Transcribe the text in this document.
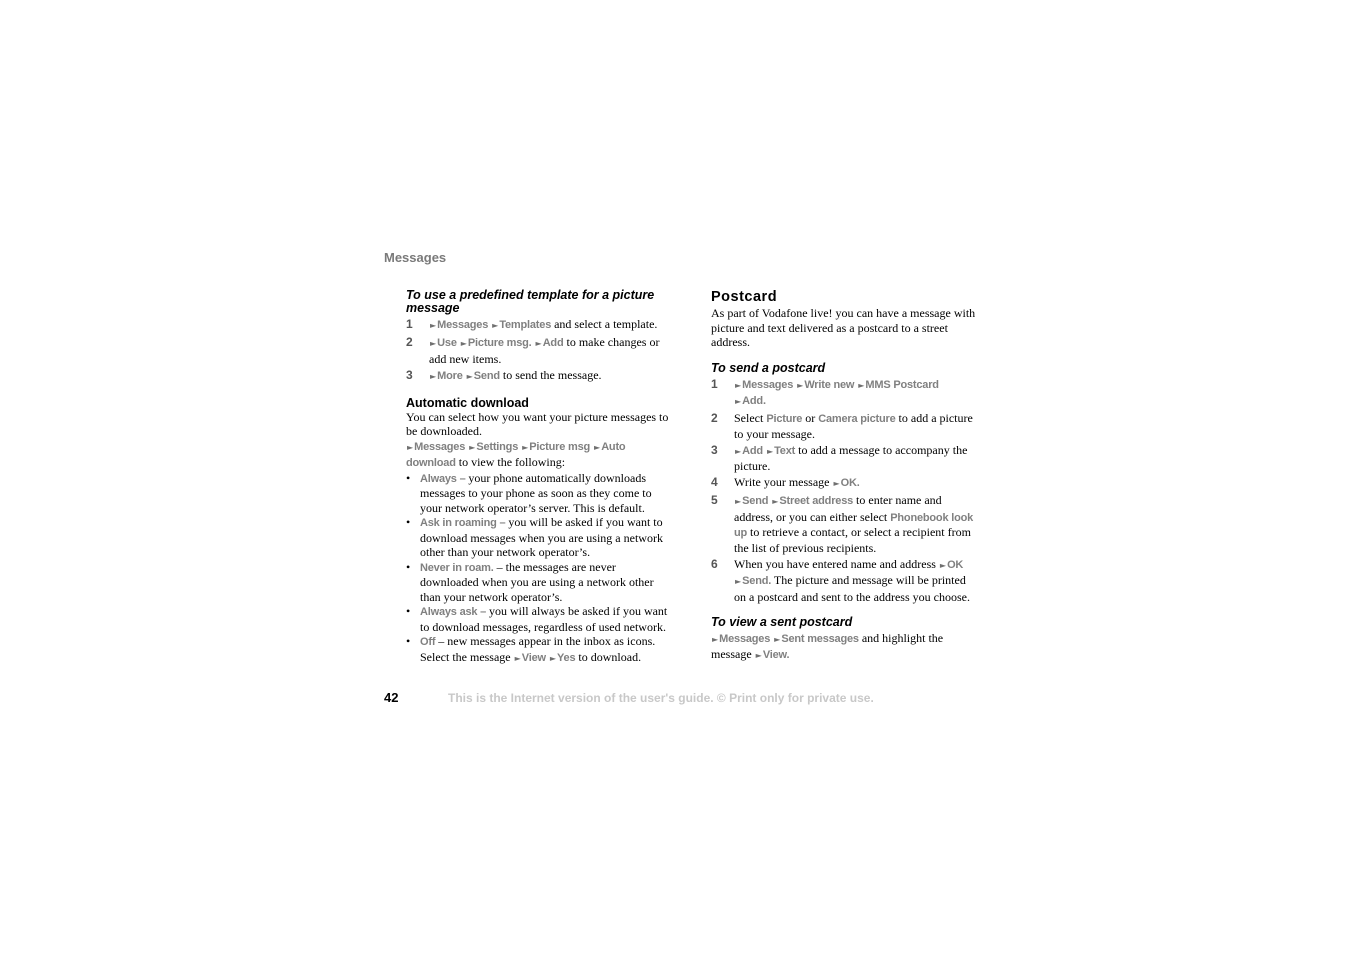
Messages
To use a predefined template for a picture message
1 ►Messages ►Templates and select a template.
2 ►Use ►Picture msg. ►Add to make changes or add new items.
3 ►More ►Send to send the message.
Automatic download

You can select how you want your picture messages to be downloaded.

►Messages ►Settings ►Picture msg ►Auto download to view the following:

• Always – your phone automatically downloads messages to your phone as soon as they come to your network operator’s server. This is default.
• Ask in roaming – you will be asked if you want to download messages when you are using a network other than your network operator’s.
• Never in roam. – the messages are never downloaded when you are using a network other than your network operator’s.
• Always ask – you will always be asked if you want to download messages, regardless of used network.
• Off – new messages appear in the inbox as icons. Select the message ►View ►Yes to download.
Postcard

As part of Vodafone live! you can have a message with picture and text delivered as a postcard to a street address.

To send a postcard
1 ►Messages ►Write new ►MMS Postcard
►Add.
2 Select Picture or Camera picture to add a picture to your message.
3 ►Add ►Text to add a message to accompany the picture.
4 Write your message ►OK.
5 ►Send ►Street address to enter name and address, or you can either select Phonebook look up to retrieve a contact, or select a recipient from the list of previous recipients.
6 When you have entered name and address ►OK ►Send. The picture and message will be printed on a postcard and sent to the address you choose.
To view a sent postcard

►Messages ►Sent messages and highlight the message ►View.

42	This is the Internet version of the user's guide. © Print only for private use.
